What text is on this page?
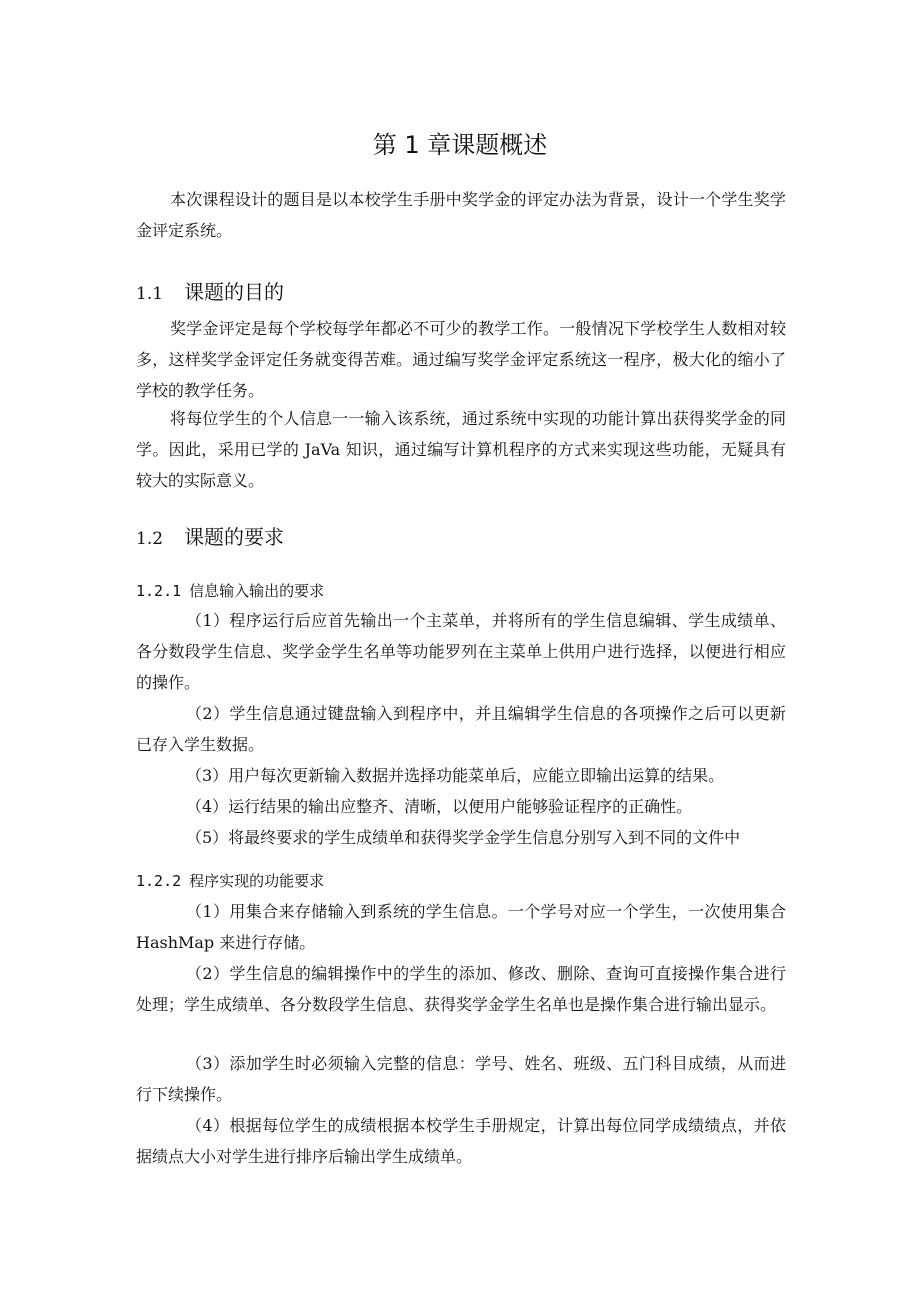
第 1 章课题概述
本次课程设计的题目是以本校学生手册中奖学金的评定办法为背景，设计一个学生奖学金评定系统。
1.1 课题的目的
奖学金评定是每个学校每学年都必不可少的教学工作。一般情况下学校学生人数相对较多，这样奖学金评定任务就变得苦难。通过编写奖学金评定系统这一程序，极大化的缩小了学校的教学任务。
将每位学生的个人信息一一输入该系统，通过系统中实现的功能计算出获得奖学金的同学。因此，采用已学的 JaVa 知识，通过编写计算机程序的方式来实现这些功能，无疑具有较大的实际意义。
1.2 课题的要求
1.2.1 信息输入输出的要求
（1）程序运行后应首先输出一个主菜单，并将所有的学生信息编辑、学生成绩单、各分数段学生信息、奖学金学生名单等功能罗列在主菜单上供用户进行选择，以便进行相应的操作。
（2）学生信息通过键盘输入到程序中，并且编辑学生信息的各项操作之后可以更新已存入学生数据。
（3）用户每次更新输入数据并选择功能菜单后，应能立即输出运算的结果。
（4）运行结果的输出应整齐、清晰，以便用户能够验证程序的正确性。
（5）将最终要求的学生成绩单和获得奖学金学生信息分别写入到不同的文件中
1.2.2 程序实现的功能要求
（1）用集合来存储输入到系统的学生信息。一个学号对应一个学生，一次使用集合 HashMap 来进行存储。
（2）学生信息的编辑操作中的学生的添加、修改、删除、查询可直接操作集合进行处理；学生成绩单、各分数段学生信息、获得奖学金学生名单也是操作集合进行输出显示。
（3）添加学生时必须输入完整的信息：学号、姓名、班级、五门科目成绩，从而进行下续操作。
（4）根据每位学生的成绩根据本校学生手册规定，计算出每位同学成绩绩点，并依据绩点大小对学生进行排序后输出学生成绩单。
